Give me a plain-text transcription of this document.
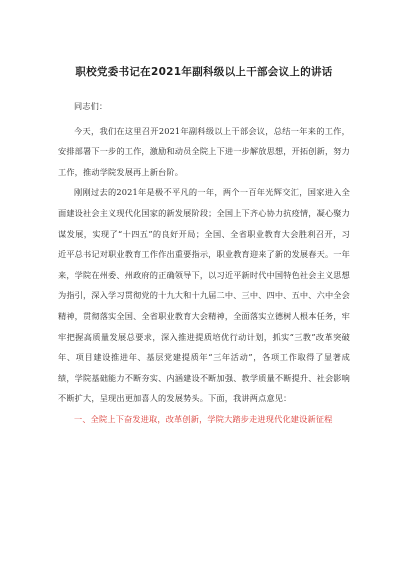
职校党委书记在2021年副科级以上干部会议上的讲话

同志们：

今天，我们在这里召开2021年副科级以上干部会议，总结一年来的工作，安排部署下一步的工作，激励和动员全院上下进一步解放思想，开拓创新，努力工作，推动学院发展再上新台阶。

刚刚过去的2021年是极不平凡的一年，两个一百年光辉交汇，国家进入全面建设社会主义现代化国家的新发展阶段；全国上下齐心协力抗疫情，凝心聚力谋发展，实现了“十四五”的良好开局；全国、全省职业教育大会胜利召开，习近平总书记对职业教育工作作出重要指示，职业教育迎来了新的发展春天。一年来，学院在州委、州政府的正确领导下，以习近平新时代中国特色社会主义思想为指引，深入学习贯彻党的十九大和十九届二中、三中、四中、五中、六中全会精神，贯彻落实全国、全省职业教育大会精神，全面落实立德树人根本任务，牢牢把握高质量发展总要求，深入推进提质培优行动计划，抓实“三教”改革突破年、项目建设推进年、基层党建提质年“三年活动”，各项工作取得了显著成绩，学院基础能力不断夯实、内涵建设不断加强、教学质量不断提升、社会影响不断扩大，呈现出更加喜人的发展势头。下面，我讲两点意见：

一、全院上下奋发进取，改革创新，学院大踏步走进现代化建设新征程
